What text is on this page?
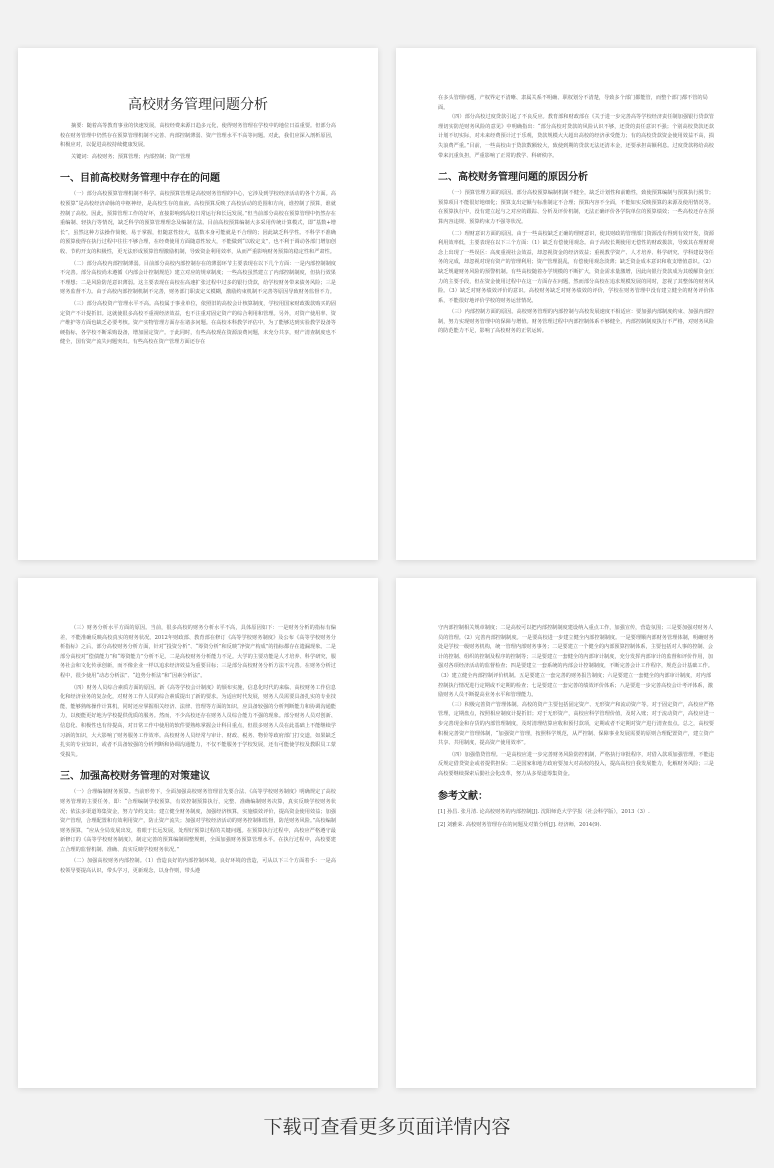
高校财务管理问题分析

摘要：随着高等教育事业的快速发展，高校经费来源日趋多元化，使得财务管理在学校中的地位日益重要。但部分高校在财务管理中仍然存在预算管理机制不完善、内部控制薄弱、资产管理水平不高等问题。对此，我们应深入剖析原因，积极应对，以促进高校持续健康发展。

关键词：高校财务；预算管理；内部控制；资产管理

一、目前高校财务管理中存在的问题

（一）部分高校预算管理机制不科学。高校预算管理是高校财务管理的中心，它涉及到学校经济活动的各个方面。高校预算“是高校经济命脉的中枢神经，是高校生存的血液。高校预算反映了高校活动的范围和方向，谁控制了预算，谁就控制了高校。因此，预算管理工作的好坏，直接影响到高校日常运行和长远发展。”但当前部分高校在预算管理中仍然存在重编制、轻执行等情况，缺乏科学的预算管理理念及编制方法。目前高校预算编制大多采用传统计算模式，即“基数+增长”，虽然这种方法操作简便、易于掌握，但随意性较大，基数本身可能就是不合理的；因此缺乏科学性。不科学不准确的预算使得在执行过程中往往不够合理，在经费使用方面随意性较大，不能做到“以收定支”，也不利于调动各部门增加创收、节约开支的积极性，更无法形成预算管理激励机制，导致资金利用效率，从而严重影响财务预算的稳定性和严肃性。

（二）部分高校内部控制薄弱。目前部分高校内部控制存在的薄弱环节主要表现在以下几个方面：一是内部控制制度不完善。部分高校尚未遵循《内部会计控制规范》建立对应的规章制度；一些高校虽然建立了内部控制制度，但执行效果不理想；二是风险防范意识薄弱。这主要表现在高校在高速扩张过程中过多的银行贷款，给学校财务带来债务风险；三是财务监督不力。由于高校内部控制机制不完善，财务部门职责定义模糊，激励约束机制不完善等原因导致财务监督不力。

（三）部分高校资产管理水平不高。高校属于事业单位，依照旧的高校会计核算制度，学校用国家财政拨款购买的固定资产不计提折旧。这就使很多高校不重视经济效益，也不注重对固定资产的综合利用和管理。另外，对资产使用率、资产维护等方面也缺乏必要考核。资产实物管理方面存在诸多问题。在高校本科教学评估中，为了能够达到实验教学设备等硬指标，各学校不断采购设备，增加固定资产。于此同时，有些高校现在资源浪费问题，未充分共享，财产清查制度也不健全，国有资产流失问题突出。有些高校在资产管理方面还存在

在多头管理问题，产权界定不清晰、隶属关系不明确、职权划分不清楚，导致多个部门都能管，而整个部门都不管的局面。

（四）部分高校过度贷款引起了不良反应。教育部和财政部在《关于进一步完善高等学校经济责任制加强银行贷款管理切实防范财务风险的意见》中明确指出：“部分高校对贷款的风险认识不够，还贷的责任意识不强；个别高校贷款还款计划不切实际，对未来经费预计过于乐观，贷款规模大大超出高校的经济承受能力；有的高校贷款资金使用效益不高，损失浪费严重。”目前，一些高校由于贷款数额较大，致使到期的贷款无法还清本金，还要承担高额利息。过度贷款将给高校带来沉重负担，严重影响了正常的教学、科研秩序。

二、高校财务管理问题的原因分析

（一）预算管理方面的原因。部分高校预算编制机制不健全，缺乏计划性和前瞻性，致使预算编制与预算执行脱节；预算项目不能很好地细化；预算支出定额与标准制定不合理；预算内容不全面，不能如实反映预算的来源及使用情况等。在预算执行中，没有建立起与之对应的跟踪、分析及评价机制，无法正确评价各学院单位的预算绩效；一些高校还存在预算内容违规、预算约束力不强等状况。

（二）理财意识方面的原因。由于一些高校缺乏正确的理财意识，使其财政的管理部门资源没有得到有效开发，资源利用效率低，主要表现在以下三个方面：（1）缺乏有偿使用观念。由于高校长期使用无偿性的财政拨款，导致其在理财观念上出现了一些误区：高度重视社会效益，却忽视资金的经济效益；重视教学资产、人才培养、科学研究、学科建设等任务的完成，却忽视对现有资产的管理利用；资产管理混乱，有偿使用观念淡薄；缺乏资金成本意识和收支增值意识。（2）缺乏规避财务风险的预警机制。有些高校随着办学规模的不断扩大，资金需求量激增，因此向银行贷款成为其缓解资金压力的主要手段，但在资金使用过程中在这一方面存在问题，然而部分高校在追求规模发展的同时，忽视了其整体的财务风险。（3）缺乏对财务绩效评价的意识。高校财务缺乏对财务绩效的评价，学校在财务管理中没有建立健全的财务评价体系，不能很好地评价学校的财务运营情况。

（三）内部控制方面的原因。高校财务管理的内部控制与高校发展速度不相适应：要加强内部制度约束、加强内部控制，努力实现财务管理中的保障与增值。财务管理过程中内部控制体系不够健全，内部控制制度执行不严格，对财务风险的防范能力不足，影响了高校财务的正常运转。

（三）财务分析水平方面的原因。当前，很多高校的财务分析水平不高，具体原因如下：一是财务分析的指标有偏差，不能准确反映高校真实的财务状况。2012年财政部、教育部在修订《高等学校财务制度》及公布《高等学校财务分析指标》之后，部分高校财务分析方面，针对“投资分析”、“筹资分析”和反映“净资产构成”的指标都存在遗漏现象。二是部分高校对“偿债能力”和“筹资能力”分析不足。二是高校财务分析能力不足。大学的主要功能是人才培养、科学研究，服务社会和文化传承创新，而不像企业一样以追求经济效益为重要目标；三是部分高校财务分析方法不完善。在财务分析过程中，很少使用“动态分析法”、“趋势分析法”和“因素分析法”。

（四）财务人员综合素质方面的原因。新《高等学校会计制度》的颁布实施，信息化时代的来临、高校财务工作信息化和经济业务的复杂化，对财务工作人员的综合素质提出了新的要求。为适应时代发展，财务人员需要具备扎实的专业技能，能够熟练操作计算机，同时还应掌握相关经济、法律、管理等方面的知识，应具备较强的分析判断能力和协调沟通能力，以便能更好地为学校提供优质的服务。然而，不少高校还存在财务人员综合能力不强的现象。部分财务人员对创新、信息化、积极性也有待提高，对日常工作中使用的软件要熟练掌握会计科目重点，但很多财务人员在此基础上不能继续学习新的知识，大大影响了财务服务工作效率。高校财务人员经常与审计、财政、税务、物价等政府部门打交道，如果缺乏扎实的专业知识，或者不具备较强的分析判断和协调沟通能力，不仅不能服务于学校发展，还有可能使学校及教职员工蒙受损失。

三、加强高校财务管理的对策建议

（一）合理编制财务预算。当前形势下，全面加强高校财务管理首先要合法、《高等学校财务制度》明确规定了高校财务管理的主要任务，即：“合理编制学校预算，有效控制预算执行，完整、准确编制财务决算，真实反映学校财务状况；依法多渠道筹集资金，努力节约支出；建立健全财务制度，加强经济核算，实施绩效评价，提高资金使用效益；加强资产管理，合理配置和有效利用资产，防止资产流失；加强对学校经济活动的财务控制和监督，防范财务风险。”高校编制财务预算，“应从全局发展出发，着眼于长远发展，处理好预算过程的关键问题。在预算执行过程中，高校应严格遵守最新修订的《高等学校财务制度》，制定完善的预算编制调整规则，全面加强财务预算管理水平。在执行过程中，高校要建立合理的监督机制、准确、真实反映学校财务状况。”

（二）加强高校财务内部控制。（1）营造良好的内部控制环境。良好环境的营造，可从以下三个方面着手：一是高校领导要提高认识，带头学习，更新观念，以身作则，带头遵

守内部控制相关规章制度；二是高校可以把内部控制制度建设纳入重点工作，加强宣传，营造氛围；三是要加强对财务人员的管理。（2）完善内部控制制度。一是要高校进一步建立健全内部控制制度。一是要理顺内部财务管理体制，明确财务处是学校一级财务机构，统一管理内部财务事务；二是要建立一个健全的内部预算控制体系，主要包括对人事的控制、会计的控制、组织的控制及程序的控制等；三是要建立一套健全的内部审计制度，充分发挥内部审计的监督和评价作用，加强对各项经济活动的监督检查；四是要建立一套系统的内部会计控制制度，不断完善会计工作程序，规范会计基础工作。（3）建立健全内部控制评价机制。五是要建立一套完善的财务报告制度；六是要建立一套健全的内部审计制度，对内部控制执行情况进行定期或不定期的检查；七是要建立一套完善的绩效评价体系；八是要进一步完善高校会计考评体系，激励财务人员不断提高业务水平和管理能力。

（三）积极完善资产管理体制。高校的资产主要包括固定资产、无形资产和流动资产等。对于固定资产，高校应严格管理，定期盘点，按照相应制度计提折旧；对于无形资产，高校应科学管理价值，及时入账；对于流动资产，高校应进一步完善现金和存货的内部管理制度，及时清理结算应收和预付款项，定期或者不定期对资产进行清查盘点。总之，高校要积极完善资产管理体制，“加强资产管理，按照科学规范，从严控制、保障事业发展需要的原则合理配置资产，建立资产共享、共用制度，提高资产使用效率”。

（四）加强借贷管理。一是高校应进一步完善财务风险防控机制，严格执行审批程序，对借入款项加强管理，不能违反规定借贷资金或者提供担保；二是国家和地方政府要加大对高校的投入，提高高校自我发展能力，化解财务风险；三是高校要继续探索后勤社会化改革，努力从多渠道筹集资金。

参考文献：

[1] 孙昌. 张月清. 论高校财务的内部控制[J]. 沈阳师范大学学报（社会科学版），2013（3）.

[2] 刘雅荣. 高校财务管理存在的问题及对策分析[J]. 经济师，2014(9).

下载可查看更多页面详情内容
